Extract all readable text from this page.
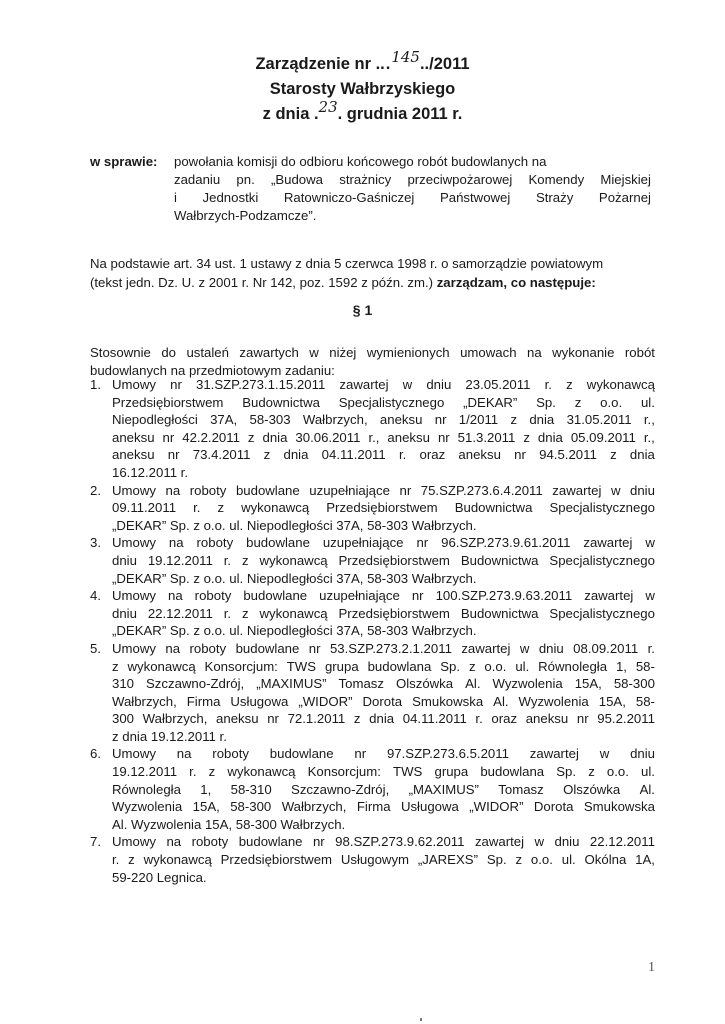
Zarządzenie nr ...145../2011
Starosty Wałbrzyskiego
z dnia .23. grudnia 2011 r.
w sprawie: powołania komisji do odbioru końcowego robót budowlanych na
zadaniu pn. „Budowa strażnicy przeciwpożarowej Komendy Miejskiej
i Jednostki Ratowniczo-Gaśniczej Państwowej Straży Pożarnej
Wałbrzych-Podzamcze”.
Na podstawie art. 34 ust. 1 ustawy z dnia 5 czerwca 1998 r. o samorządzie powiatowym
(tekst jedn. Dz. U. z 2001 r. Nr 142, poz. 1592 z późn. zm.) zarządzam, co następuje:
§ 1
Stosownie do ustaleń zawartych w niżej wymienionych umowach na wykonanie robót
budowlanych na przedmiotowym zadaniu:
1. Umowy nr 31.SZP.273.1.15.2011 zawartej w dniu 23.05.2011 r. z wykonawcą
Przedsiębiorstwem Budownictwa Specjalistycznego „DEKAR” Sp. z o.o. ul.
Niepodległości 37A, 58-303 Wałbrzych, aneksu nr 1/2011 z dnia 31.05.2011 r.,
aneksu nr 42.2.2011 z dnia 30.06.2011 r., aneksu nr 51.3.2011 z dnia 05.09.2011 r.,
aneksu nr 73.4.2011 z dnia 04.11.2011 r. oraz aneksu nr 94.5.2011 z dnia
16.12.2011 r.
2. Umowy na roboty budowlane uzupełniające nr 75.SZP.273.6.4.2011 zawartej w dniu
09.11.2011 r. z wykonawcą Przedsiębiorstwem Budownictwa Specjalistycznego
„DEKAR” Sp. z o.o. ul. Niepodległości 37A, 58-303 Wałbrzych.
3. Umowy na roboty budowlane uzupełniające nr 96.SZP.273.9.61.2011 zawartej w
dniu 19.12.2011 r. z wykonawcą Przedsiębiorstwem Budownictwa Specjalistycznego
„DEKAR” Sp. z o.o. ul. Niepodległości 37A, 58-303 Wałbrzych.
4. Umowy na roboty budowlane uzupełniające nr 100.SZP.273.9.63.2011 zawartej w
dniu 22.12.2011 r. z wykonawcą Przedsiębiorstwem Budownictwa Specjalistycznego
„DEKAR” Sp. z o.o. ul. Niepodległości 37A, 58-303 Wałbrzych.
5. Umowy na roboty budowlane nr 53.SZP.273.2.1.2011 zawartej w dniu 08.09.2011 r.
z wykonawcą Konsorcjum: TWS grupa budowlana Sp. z o.o. ul. Równoległa 1, 58-
310 Szczawno-Zdrój, „MAXIMUS” Tomasz Olszówka Al. Wyzwolenia 15A, 58-300
Wałbrzych, Firma Usługowa „WIDOR” Dorota Smukowska Al. Wyzwolenia 15A, 58-
300 Wałbrzych, aneksu nr 72.1.2011 z dnia 04.11.2011 r. oraz aneksu nr 95.2.2011
z dnia 19.12.2011 r.
6. Umowy na roboty budowlane nr 97.SZP.273.6.5.2011 zawartej w dniu
19.12.2011 r. z wykonawcą Konsorcjum: TWS grupa budowlana Sp. z o.o. ul.
Równoległa 1, 58-310 Szczawno-Zdrój, „MAXIMUS” Tomasz Olszówka Al.
Wyzwolenia 15A, 58-300 Wałbrzych, Firma Usługowa „WIDOR” Dorota Smukowska
Al. Wyzwolenia 15A, 58-300 Wałbrzych.
7. Umowy na roboty budowlane nr 98.SZP.273.9.62.2011 zawartej w dniu 22.12.2011
r. z wykonawcą Przedsiębiorstwem Usługowym „JAREXS” Sp. z o.o. ul. Okólna 1A,
59-220 Legnica.
1
